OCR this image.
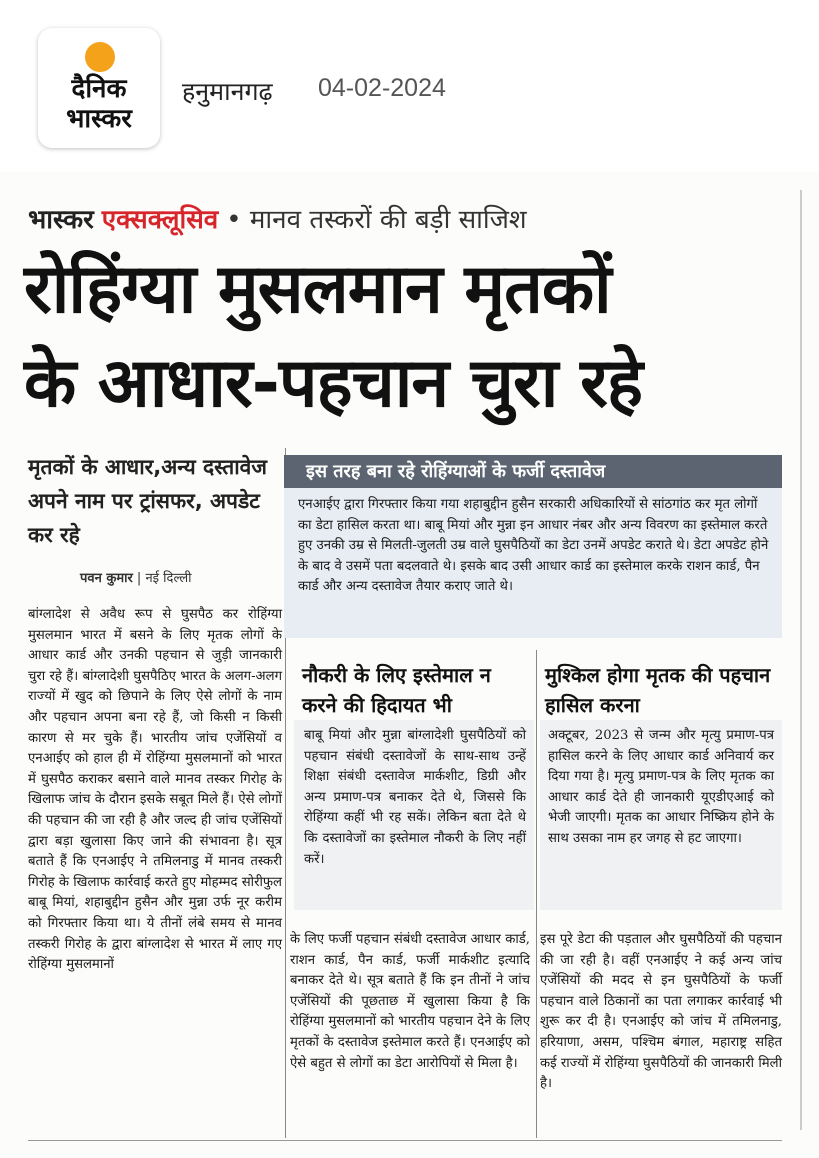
दैनिक
भास्कर
हनुमानगढ़ 04-02-2024
भास्कर एक्सक्लूसिव • मानव तस्करों की बड़ी साजिश
रोहिंग्या मुसलमान मृतकों
के आधार-पहचान चुरा रहे
मृतकों के आधार,अन्य दस्तावेज अपने नाम पर ट्रांसफर, अपडेट कर रहे
पवन कुमार | नई दिल्ली
बांग्लादेश से अवैध रूप से घुसपैठ कर रोहिंग्या मुसलमान भारत में बसने के लिए मृतक लोगों के आधार कार्ड और उनकी पहचान से जुड़ी जानकारी चुरा रहे हैं। बांग्लादेशी घुसपैठिए भारत के अलग-अलग राज्यों में खुद को छिपाने के लिए ऐसे लोगों के नाम और पहचान अपना बना रहे हैं, जो किसी न किसी कारण से मर चुके हैं। भारतीय जांच एजेंसियों व एनआईए को हाल ही में रोहिंग्या मुसलमानों को भारत में घुसपैठ कराकर बसाने वाले मानव तस्कर गिरोह के खिलाफ जांच के दौरान इसके सबूत मिले हैं। ऐसे लोगों की पहचान की जा रही है और जल्द ही जांच एजेंसियों द्वारा बड़ा खुलासा किए जाने की संभावना है। सूत्र बताते हैं कि एनआईए ने तमिलनाडु में मानव तस्करी गिरोह के खिलाफ कार्रवाई करते हुए मोहम्मद सोरीफुल बाबू मियां, शहाबुद्दीन हुसैन और मुन्ना उर्फ नूर करीम को गिरफ्तार किया था। ये तीनों लंबे समय से मानव तस्करी गिरोह के द्वारा बांग्लादेश से भारत में लाए गए रोहिंग्या मुसलमानों
इस तरह बना रहे रोहिंग्याओं के फर्जी दस्तावेज
एनआईए द्वारा गिरफ्तार किया गया शहाबुद्दीन हुसैन सरकारी अधिकारियों से सांठगांठ कर मृत लोगों का डेटा हासिल करता था। बाबू मियां और मुन्ना इन आधार नंबर और अन्य विवरण का इस्तेमाल करते हुए उनकी उम्र से मिलती-जुलती उम्र वाले घुसपैठियों का डेटा उनमें अपडेट कराते थे। डेटा अपडेट होने के बाद वे उसमें पता बदलवाते थे। इसके बाद उसी आधार कार्ड का इस्तेमाल करके राशन कार्ड, पैन कार्ड और अन्य दस्तावेज तैयार कराए जाते थे।
नौकरी के लिए इस्तेमाल न करने की हिदायत भी
मुश्किल होगा मृतक की पहचान हासिल करना
बाबू मियां और मुन्ना बांग्लादेशी घुसपैठियों को पहचान संबंधी दस्तावेजों के साथ-साथ उन्हें शिक्षा संबंधी दस्तावेज मार्कशीट, डिग्री और अन्य प्रमाण-पत्र बनाकर देते थे, जिससे कि रोहिंग्या कहीं भी रह सकें। लेकिन बता देते थे कि दस्तावेजों का इस्तेमाल नौकरी के लिए नहीं करें।
अक्टूबर, 2023 से जन्म और मृत्यु प्रमाण-पत्र हासिल करने के लिए आधार कार्ड अनिवार्य कर दिया गया है। मृत्यु प्रमाण-पत्र के लिए मृतक का आधार कार्ड देते ही जानकारी यूएडीएआई को भेजी जाएगी। मृतक का आधार निष्क्रिय होने के साथ उसका नाम हर जगह से हट जाएगा।
के लिए फर्जी पहचान संबंधी दस्तावेज आधार कार्ड, राशन कार्ड, पैन कार्ड, फर्जी मार्कशीट इत्यादि बनाकर देते थे। सूत्र बताते हैं कि इन तीनों ने जांच एजेंसियों की पूछताछ में खुलासा किया है कि रोहिंग्या मुसलमानों को भारतीय पहचान देने के लिए मृतकों के दस्तावेज इस्तेमाल करते हैं। एनआईए को ऐसे बहुत से लोगों का डेटा आरोपियों से मिला है।
इस पूरे डेटा की पड़ताल और घुसपैठियों की पहचान की जा रही है। वहीं एनआईए ने कई अन्य जांच एजेंसियों की मदद से इन घुसपैठियों के फर्जी पहचान वाले ठिकानों का पता लगाकर कार्रवाई भी शुरू कर दी है। एनआईए को जांच में तमिलनाडु, हरियाणा, असम, पश्चिम बंगाल, महाराष्ट्र सहित कई राज्यों में रोहिंग्या घुसपैठियों की जानकारी मिली है।
